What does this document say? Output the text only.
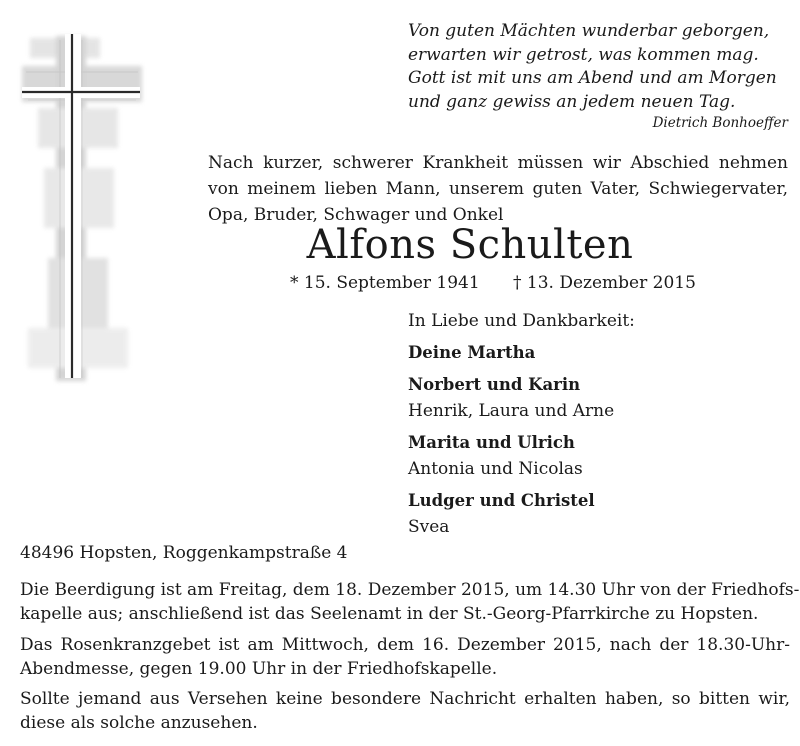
Von guten Mächten wunderbar geborgen,
erwarten wir getrost, was kommen mag.
Gott ist mit uns am Abend und am Morgen
und ganz gewiss an jedem neuen Tag.
Dietrich Bonhoeffer
Nach kurzer, schwerer Krankheit müssen wir Abschied nehmen
von meinem lieben Mann, unserem guten Vater, Schwiegervater,
Opa, Bruder, Schwager und Onkel
Alfons Schulten
* 15. September 1941 † 13. Dezember 2015
In Liebe und Dankbarkeit:
Deine Martha
Norbert und Karin
Henrik, Laura und Arne
Marita und Ulrich
Antonia und Nicolas
Ludger und Christel
Svea
48496 Hopsten, Roggenkampstraße 4
Die Beerdigung ist am Freitag, dem 18. Dezember 2015, um 14.30 Uhr von der Friedhofs-
kapelle aus; anschließend ist das Seelenamt in der St.-Georg-Pfarrkirche zu Hopsten.
Das Rosenkranzgebet ist am Mittwoch, dem 16. Dezember 2015, nach der 18.30-Uhr-
Abendmesse, gegen 19.00 Uhr in der Friedhofskapelle.
Sollte jemand aus Versehen keine besondere Nachricht erhalten haben, so bitten wir,
diese als solche anzusehen.
